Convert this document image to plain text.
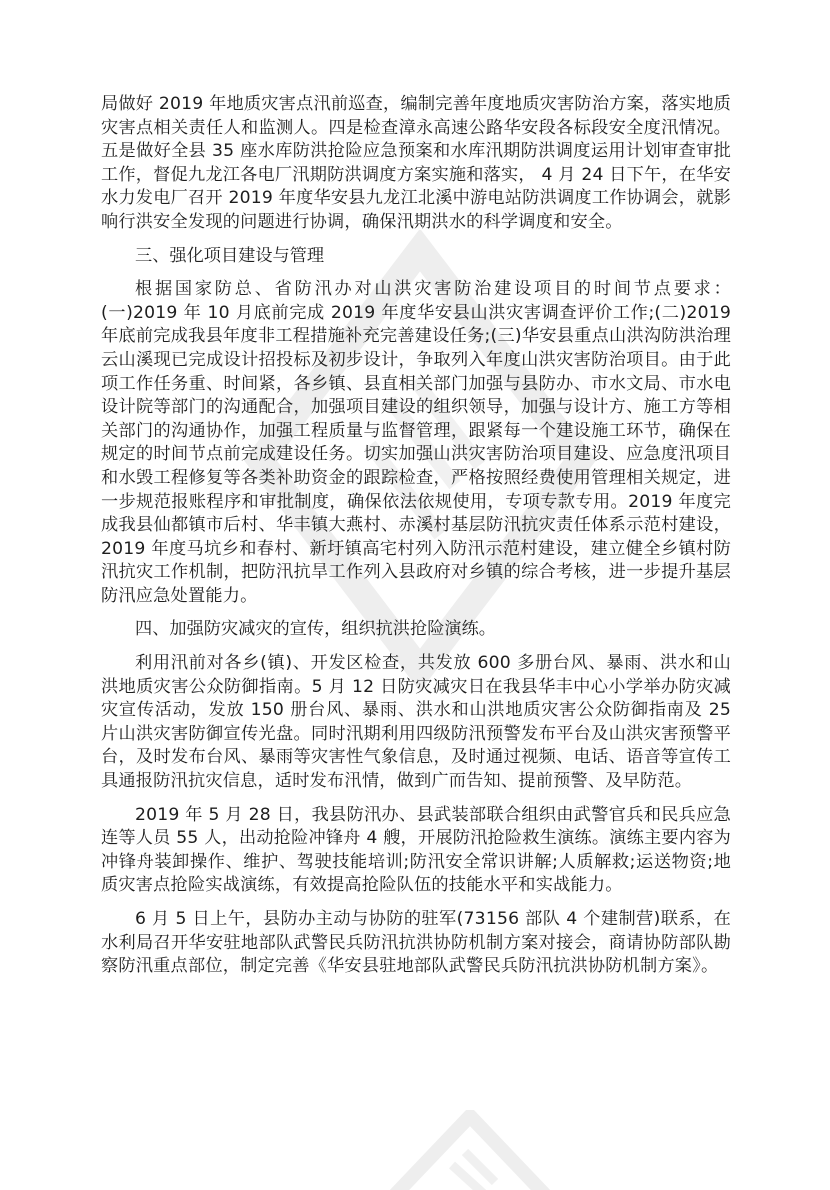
局做好 2019 年地质灾害点汛前巡查，编制完善年度地质灾害防治方案，落实地质灾害点相关责任人和监测人。四是检查漳永高速公路华安段各标段安全度汛情况。五是做好全县 35 座水库防洪抢险应急预案和水库汛期防洪调度运用计划审查审批工作，督促九龙江各电厂汛期防洪调度方案实施和落实， 4 月 24 日下午，在华安水力发电厂召开 2019 年度华安县九龙江北溪中游电站防洪调度工作协调会，就影响行洪安全发现的问题进行协调，确保汛期洪水的科学调度和安全。

三、强化项目建设与管理

根据国家防总、省防汛办对山洪灾害防治建设项目的时间节点要求：(一)2019 年 10 月底前完成 2019 年度华安县山洪灾害调查评价工作;(二)2019 年底前完成我县年度非工程措施补充完善建设任务;(三)华安县重点山洪沟防洪治理云山溪现已完成设计招投标及初步设计，争取列入年度山洪灾害防治项目。由于此项工作任务重、时间紧，各乡镇、县直相关部门加强与县防办、市水文局、市水电设计院等部门的沟通配合，加强项目建设的组织领导，加强与设计方、施工方等相关部门的沟通协作，加强工程质量与监督管理，跟紧每一个建设施工环节，确保在规定的时间节点前完成建设任务。切实加强山洪灾害防治项目建设、应急度汛项目和水毁工程修复等各类补助资金的跟踪检查，严格按照经费使用管理相关规定，进一步规范报账程序和审批制度，确保依法依规使用，专项专款专用。2019 年度完成我县仙都镇市后村、华丰镇大燕村、赤溪村基层防汛抗灾责任体系示范村建设，2019 年度马坑乡和春村、新圩镇高宅村列入防汛示范村建设，建立健全乡镇村防汛抗灾工作机制，把防汛抗旱工作列入县政府对乡镇的综合考核，进一步提升基层防汛应急处置能力。

四、加强防灾减灾的宣传，组织抗洪抢险演练。

利用汛前对各乡(镇)、开发区检查，共发放 600 多册台风、暴雨、洪水和山洪地质灾害公众防御指南。5 月 12 日防灾减灾日在我县华丰中心小学举办防灾减灾宣传活动，发放 150 册台风、暴雨、洪水和山洪地质灾害公众防御指南及 25 片山洪灾害防御宣传光盘。同时汛期利用四级防汛预警发布平台及山洪灾害预警平台，及时发布台风、暴雨等灾害性气象信息，及时通过视频、电话、语音等宣传工具通报防汛抗灾信息，适时发布汛情，做到广而告知、提前预警、及早防范。

2019 年 5 月 28 日，我县防汛办、县武装部联合组织由武警官兵和民兵应急连等人员 55 人，出动抢险冲锋舟 4 艘，开展防汛抢险救生演练。演练主要内容为冲锋舟装卸操作、维护、驾驶技能培训;防汛安全常识讲解;人质解救;运送物资;地质灾害点抢险实战演练，有效提高抢险队伍的技能水平和实战能力。

6 月 5 日上午，县防办主动与协防的驻军(73156 部队 4 个建制营)联系，在水利局召开华安驻地部队武警民兵防汛抗洪协防机制方案对接会，商请协防部队勘察防汛重点部位，制定完善《华安县驻地部队武警民兵防汛抗洪协防机制方案》。
